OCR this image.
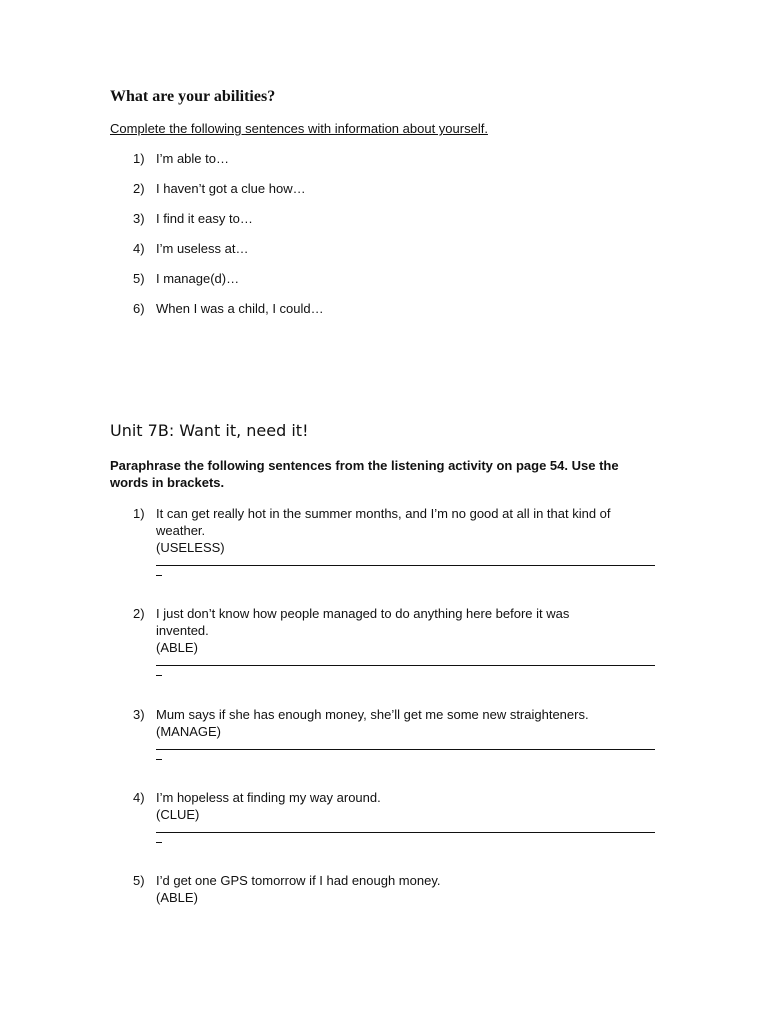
What are your abilities?
Complete the following sentences with information about yourself.
1) I’m able to…
2) I haven’t got a clue how…
3) I find it easy to…
4) I’m useless at…
5) I manage(d)…
6) When I was a child, I could…
Unit 7B: Want it, need it!
Paraphrase the following sentences from the listening activity on page 54. Use the words in brackets.
1) It can get really hot in the summer months, and I’m no good at all in that kind of
weather.
(USELESS)
2) I just don’t know how people managed to do anything here before it was
invented.
(ABLE)
3) Mum says if she has enough money, she’ll get me some new straighteners.
(MANAGE)
4) I’m hopeless at finding my way around.
(CLUE)
5) I’d get one GPS tomorrow if I had enough money.
(ABLE)
